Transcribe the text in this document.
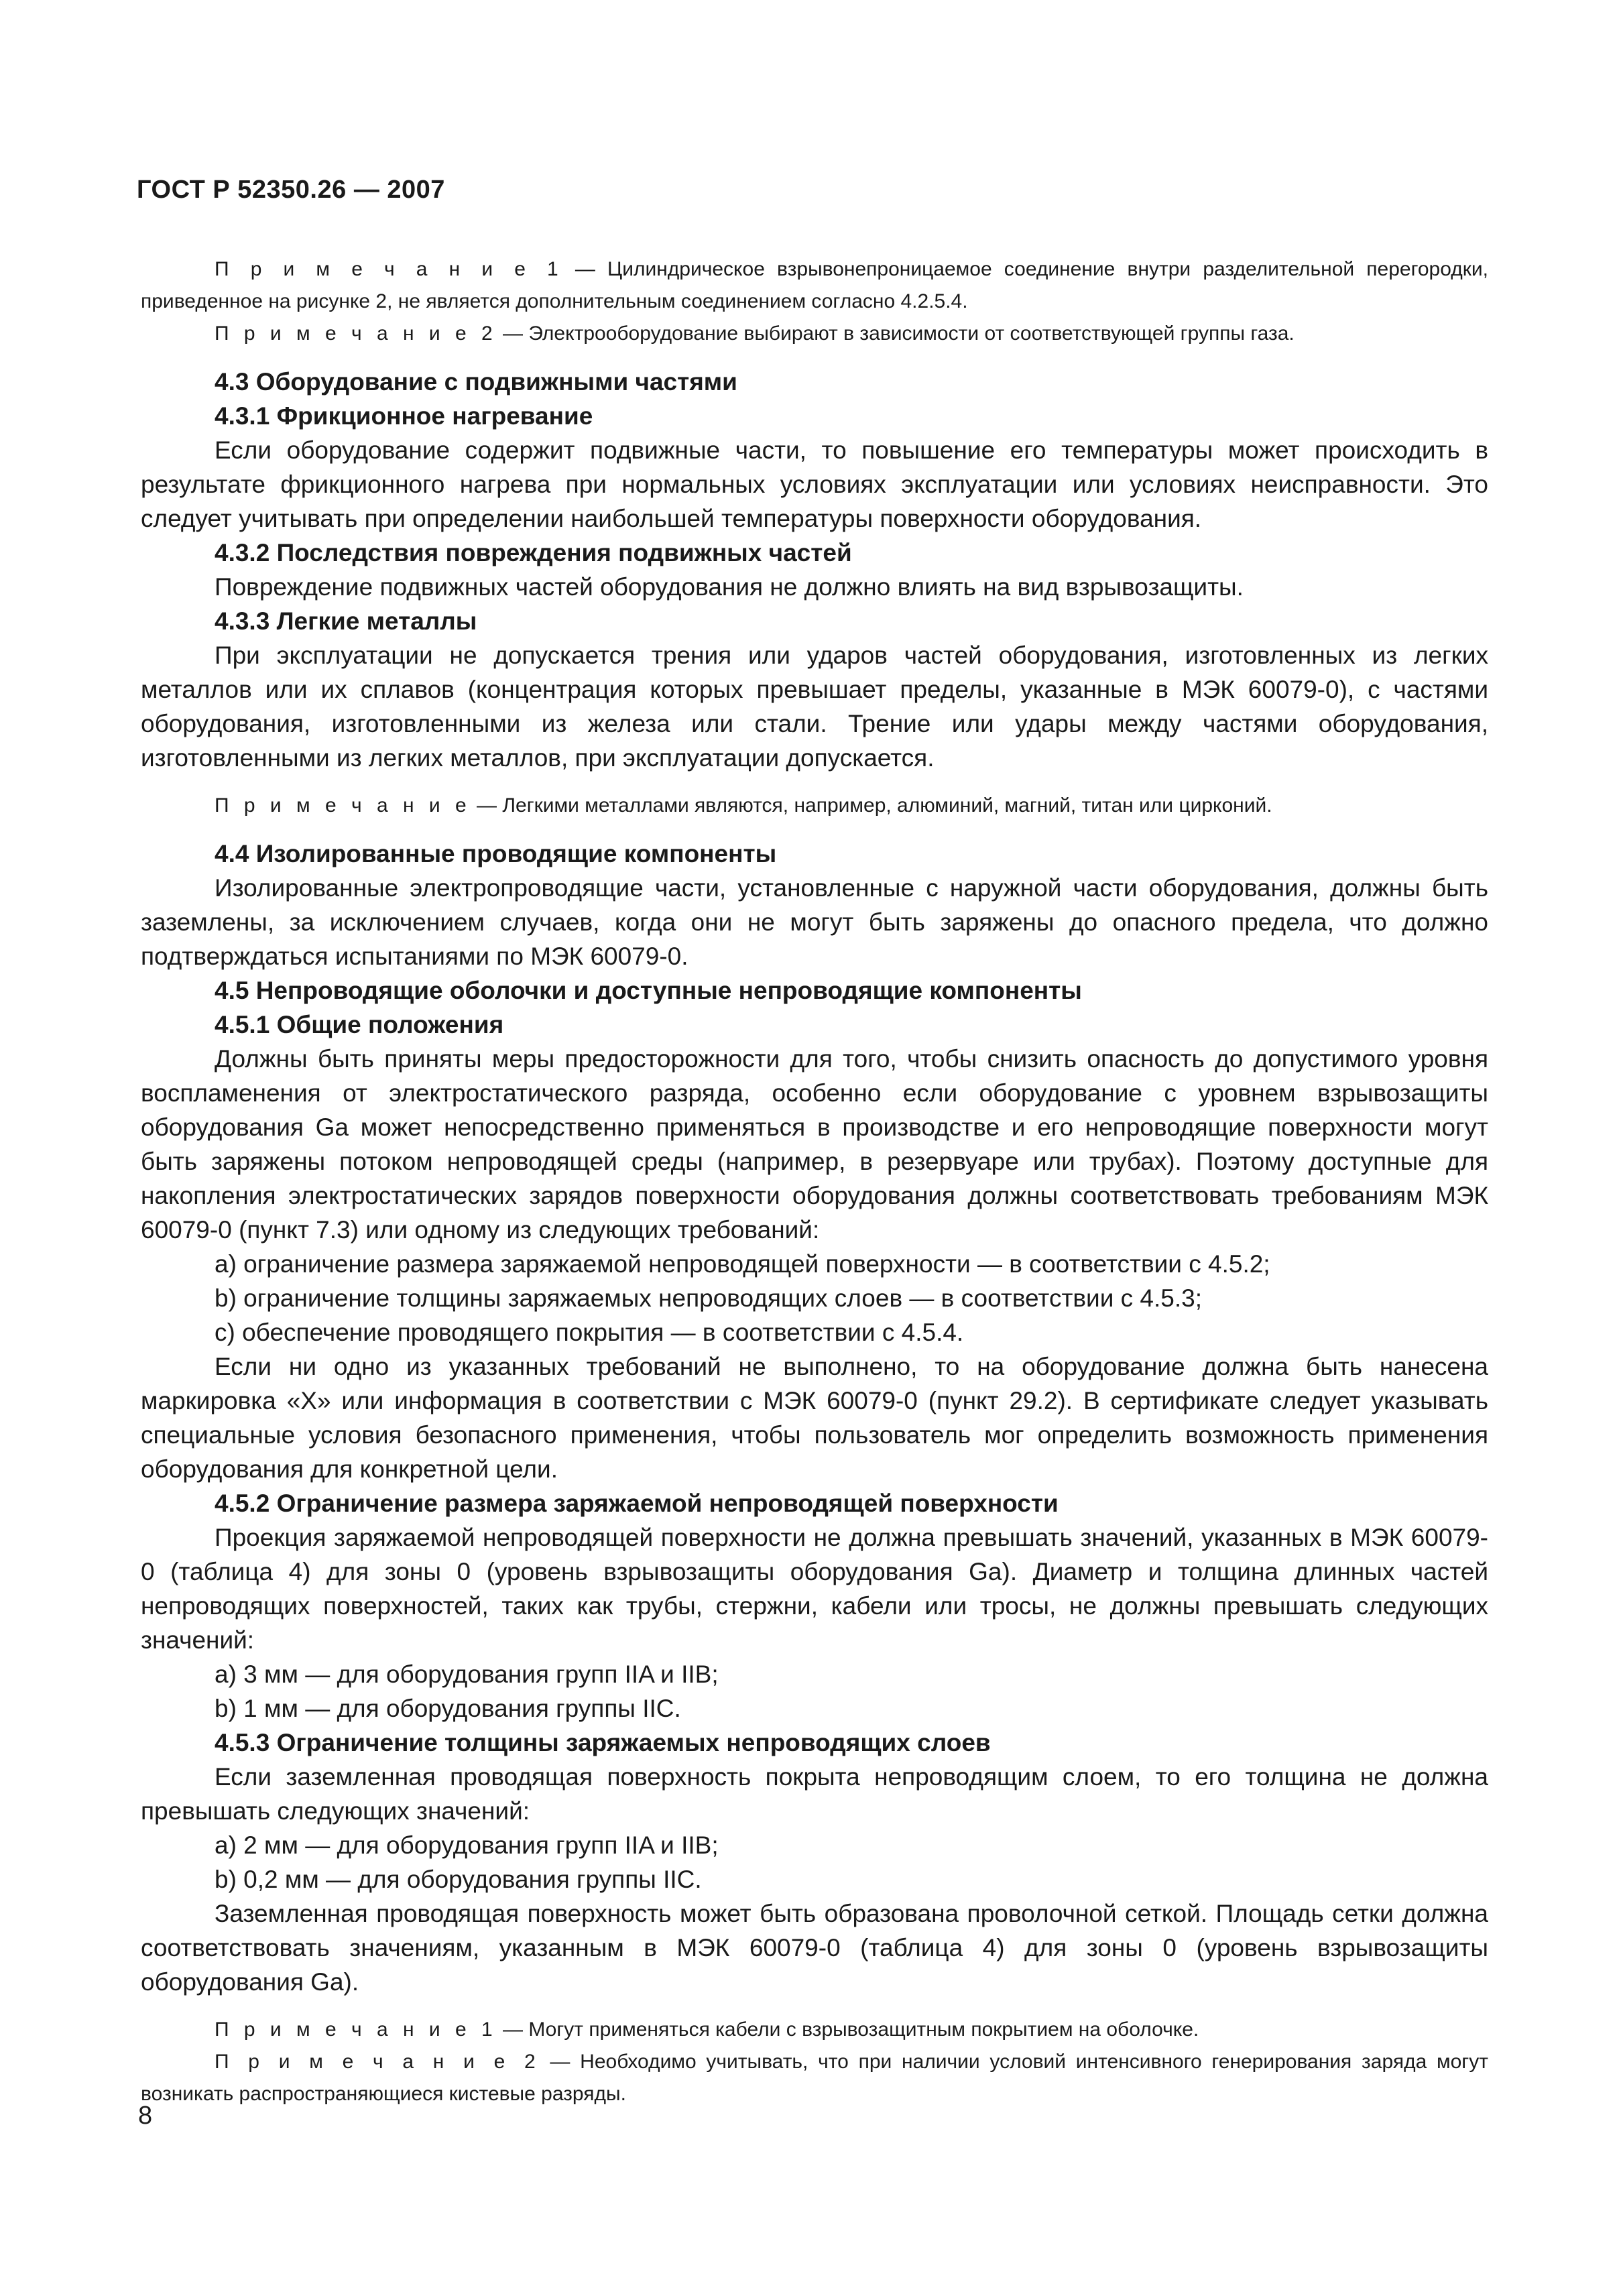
ГОСТ Р 52350.26 — 2007

П р и м е ч а н и е 1 — Цилиндрическое взрывонепроницаемое соединение внутри разделительной перегородки, приведенное на рисунке 2, не является дополнительным соединением согласно 4.2.5.4.

П р и м е ч а н и е 2 — Электрооборудование выбирают в зависимости от соответствующей группы газа.

4.3 Оборудование с подвижными частями

4.3.1 Фрикционное нагревание

Если оборудование содержит подвижные части, то повышение его температуры может происходить в результате фрикционного нагрева при нормальных условиях эксплуатации или условиях неисправности. Это следует учитывать при определении наибольшей температуры поверхности оборудования.

4.3.2 Последствия повреждения подвижных частей

Повреждение подвижных частей оборудования не должно влиять на вид взрывозащиты.

4.3.3 Легкие металлы

При эксплуатации не допускается трения или ударов частей оборудования, изготовленных из легких металлов или их сплавов (концентрация которых превышает пределы, указанные в МЭК 60079-0), с частями оборудования, изготовленными из железа или стали. Трение или удары между частями оборудования, изготовленными из легких металлов, при эксплуатации допускается.

П р и м е ч а н и е — Легкими металлами являются, например, алюминий, магний, титан или цирконий.

4.4 Изолированные проводящие компоненты

Изолированные электропроводящие части, установленные с наружной части оборудования, должны быть заземлены, за исключением случаев, когда они не могут быть заряжены до опасного предела, что должно подтверждаться испытаниями по МЭК 60079-0.

4.5 Непроводящие оболочки и доступные непроводящие компоненты

4.5.1 Общие положения

Должны быть приняты меры предосторожности для того, чтобы снизить опасность до допустимого уровня воспламенения от электростатического разряда, особенно если оборудование с уровнем взрывозащиты оборудования Ga может непосредственно применяться в производстве и его непроводящие поверхности могут быть заряжены потоком непроводящей среды (например, в резервуаре или трубах). Поэтому доступные для накопления электростатических зарядов поверхности оборудования должны соответствовать требованиям МЭК 60079-0 (пункт 7.3) или одному из следующих требований:

a) ограничение размера заряжаемой непроводящей поверхности — в соответствии с 4.5.2;

b) ограничение толщины заряжаемых непроводящих слоев — в соответствии с 4.5.3;

c) обеспечение проводящего покрытия — в соответствии с 4.5.4.

Если ни одно из указанных требований не выполнено, то на оборудование должна быть нанесена маркировка «X» или информация в соответствии с МЭК 60079-0 (пункт 29.2). В сертификате следует указывать специальные условия безопасного применения, чтобы пользователь мог определить возможность применения оборудования для конкретной цели.

4.5.2 Ограничение размера заряжаемой непроводящей поверхности

Проекция заряжаемой непроводящей поверхности не должна превышать значений, указанных в МЭК 60079-0 (таблица 4) для зоны 0 (уровень взрывозащиты оборудования Ga). Диаметр и толщина длинных частей непроводящих поверхностей, таких как трубы, стержни, кабели или тросы, не должны превышать следующих значений:

a) 3 мм — для оборудования групп IIA и IIB;

b) 1 мм — для оборудования группы IIC.

4.5.3 Ограничение толщины заряжаемых непроводящих слоев

Если заземленная проводящая поверхность покрыта непроводящим слоем, то его толщина не должна превышать следующих значений:

a) 2 мм — для оборудования групп IIA и IIB;

b) 0,2 мм — для оборудования группы IIC.

Заземленная проводящая поверхность может быть образована проволочной сеткой. Площадь сетки должна соответствовать значениям, указанным в МЭК 60079-0 (таблица 4) для зоны 0 (уровень взрывозащиты оборудования Ga).

П р и м е ч а н и е 1 — Могут применяться кабели с взрывозащитным покрытием на оболочке.

П р и м е ч а н и е 2 — Необходимо учитывать, что при наличии условий интенсивного генерирования заряда могут возникать распространяющиеся кистевые разряды.

8
